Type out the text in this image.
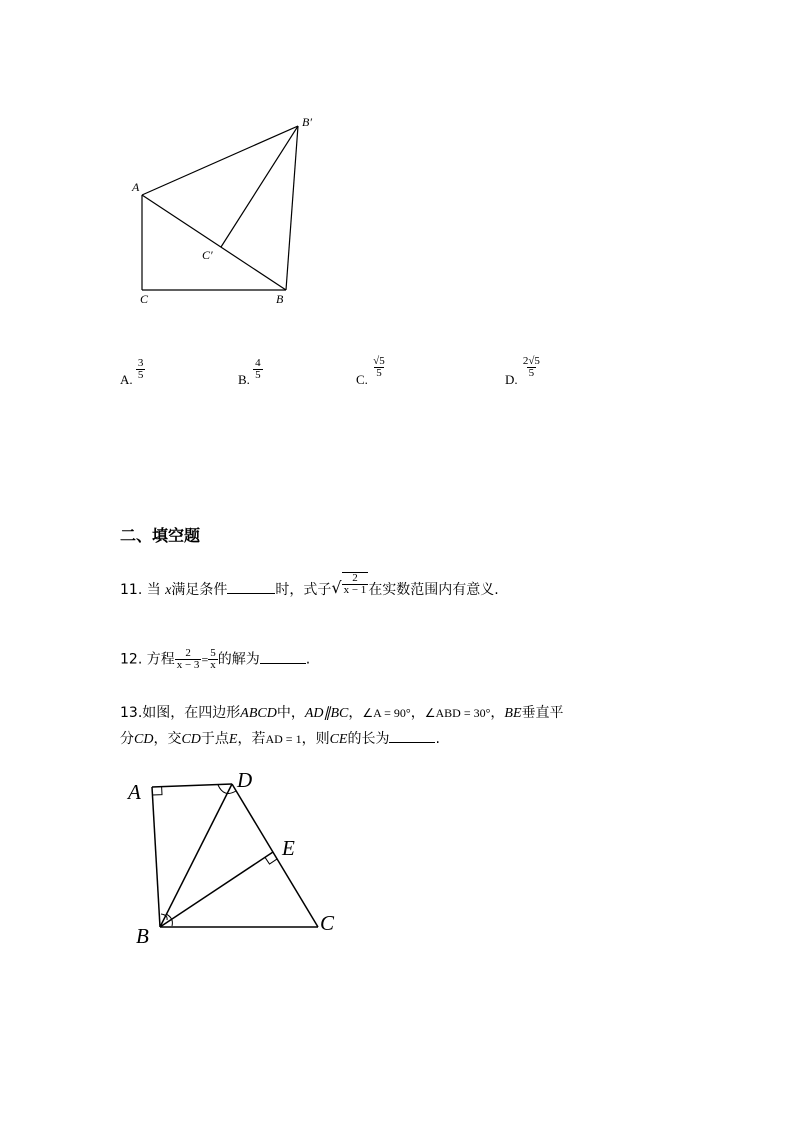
A
B′
C′
C	B
A. $\frac{3}{5}$	B. $\frac{4}{5}$	C.
$\frac{√5}{5}$
D.
$\frac{2√5}{5}$
二、填空题
11. 当 x满足条件	时，式子 √ $\frac{2}{x - 1}$ 在实数范围内有意义.
12. 方程 $\frac{2}{x - 3} = \frac{5}{x}$ 的解为	.
13.如图，在四边形ABCD中，AD∥BC，∠A = 90°，∠ABD = 30°，BE垂直平
分CD，交CD于点E，若AD = 1，则CE的长为	.
A	D
E
B
C
